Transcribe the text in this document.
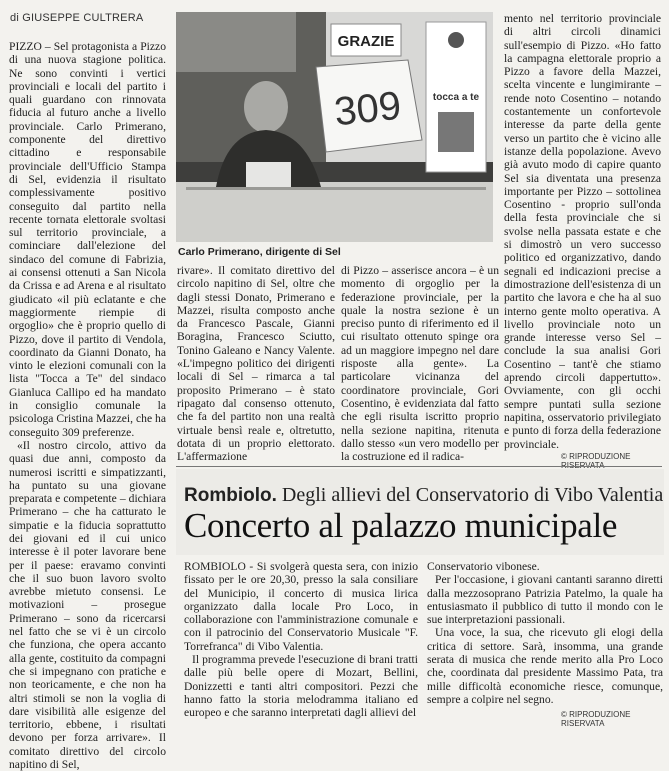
di GIUSEPPE CULTRERA

PIZZO – Sel protagonista a Pizzo di una nuova stagione politica. Ne sono convinti i vertici provinciali e locali del partito i quali guardano con rinnovata fiducia al futuro anche a livello provinciale. Carlo Primerano, componente del direttivo cittadino e responsabile provinciale dell'Ufficio Stampa di Sel, evidenzia il risultato complessivamente positivo conseguito dal partito nella recente tornata elettorale svoltasi sul territorio provinciale, a cominciare dall'elezione del sindaco del comune di Fabrizia, ai consensi ottenuti a San Nicola da Crissa e ad Arena e al risultato giudicato «il più eclatante e che maggiormente riempie di orgoglio» che è proprio quello di Pizzo, dove il partito di Vendola, coordinato da Gianni Donato, ha vinto le elezioni comunali con la lista "Tocca a Te" del sindaco Gianluca Callipo ed ha mandato in consiglio comunale la psicologa Cristina Mazzei, che ha conseguito 309 preferenze.

«Il nostro circolo, attivo da quasi due anni, composto da numerosi iscritti e simpatizzanti, ha puntato su una giovane preparata e competente – dichiara Primerano – che ha catturato le simpatie e la fiducia soprattutto dei giovani ed il cui unico interesse è il poter lavorare bene per il paese: eravamo convinti che il suo buon lavoro svolto avrebbe mietuto consensi. Le motivazioni – prosegue Primerano – sono da ricercarsi nel fatto che se vi è un circolo che funziona, che opera accanto alla gente, costituito da compagni che si impegnano con pratiche e non teoricamente, e che non ha altri stimoli se non la voglia di dare visibilità alle esigenze del territorio, ebbene, i risultati devono per forza arrivare». Il comitato direttivo del circolo napitino di Sel,

GRAZIE
309	tocca a te
Carlo Primerano, dirigente di Sel

rivare». Il comitato direttivo del circolo napitino di Sel, oltre che dagli stessi Donato, Primerano e Mazzei, risulta composto anche da Francesco Pascale, Gianni Boragina, Francesco Sciuttо, Tonino Galeano e Nancy Valente. «L'impegno politico dei dirigenti locali di Sel – rimarca a tal proposito Primerano – è stato ripagato dal consenso ottenuto, che fa del partito non una realtà virtuale bensì reale e, oltretutto, dotata di un proprio elettorato. L'affermazione

di Pizzo – asserisce ancora – è un momento di orgoglio per la federazione provinciale, per la quale la nostra sezione è un preciso punto di riferimento ed il cui risultato ottenuto spinge ora ad un maggiore impegno nel dare risposte alla gente». La particolare vicinanza del coordinatore provinciale, Gori Cosentino, è evidenziata dal fatto che egli risulta iscritto proprio nella sezione napitina, ritenuta dallo stesso «un vero modello per la costruzione ed il radica-

mento nel territorio provinciale di altri circoli dinamici sull'esempio di Pizzo. «Ho fatto la campagna elettorale proprio a Pizzo a favore della Mazzei, scelta vincente e lungimirante – rende noto Cosentino – notando costantemente un confortevole interesse da parte della gente verso un partito che è vicino alle istanze della popolazione. Avevo già avuto modo di capire quanto Sel sia diventata una presenza importante per Pizzo – sottolinea Cosentino - proprio sull'onda della festa provinciale che si svolse nella passata estate e che si dimostrò un vero successo politico ed organizzativo, dando segnali ed indicazioni precise a dimostrazione dell'esistenza di un partito che lavora e che ha al suo interno gente molto operativa. A livello provinciale noto un grande interesse verso Sel – conclude la sua analisi Gori Cosentino – tant'è che stiamo aprendo circoli dappertutto». Ovviamente, con gli occhi sempre puntati sulla sezione napitina, osservatorio privilegiato e punto di forza della federazione provinciale.

© RIPRODUZIONE
Rombiolo. Degli allievi del Conservatorio di Vibo Valentia
Concerto al palazzo municipale

ROMBIOLO - Si svolgerà questa sera, con inizio fissato per le ore 20,30, presso la sala consiliare del Municipio, il concerto di musica lirica organizzato dalla locale Pro Loco, in collaborazione con l'amministrazione comunale e con il patrocinio del Conservatorio Musicale "F. Torrefranca" di Vibo Valentia.

Il programma prevede l'esecuzione di brani tratti dalle più belle opere di Mozart, Bellini, Donizzetti e tanti altri compositori. Pezzi che hanno fatto la storia melodramma italiano ed europeo e che saranno interpretati dagli allievi del

Conservatorio vibonese.

Per l'occasione, i giovani cantanti saranno diretti dalla mezzosoprano Patrizia Patelmo, la quale ha entusiasmato il pubblico di tutto il mondo con le sue interpretazioni passionali.

Una voce, la sua, che ricevuto gli elogi della critica di settore. Sarà, insomma, una grande serata di musica che rende merito alla Pro Loco che, coordinata dal presidente Massimo Pata, tra mille difficoltà economiche riesce, comunque, sempre a colpire nel segno.

© RIPRODUZIONE RISERVATA
